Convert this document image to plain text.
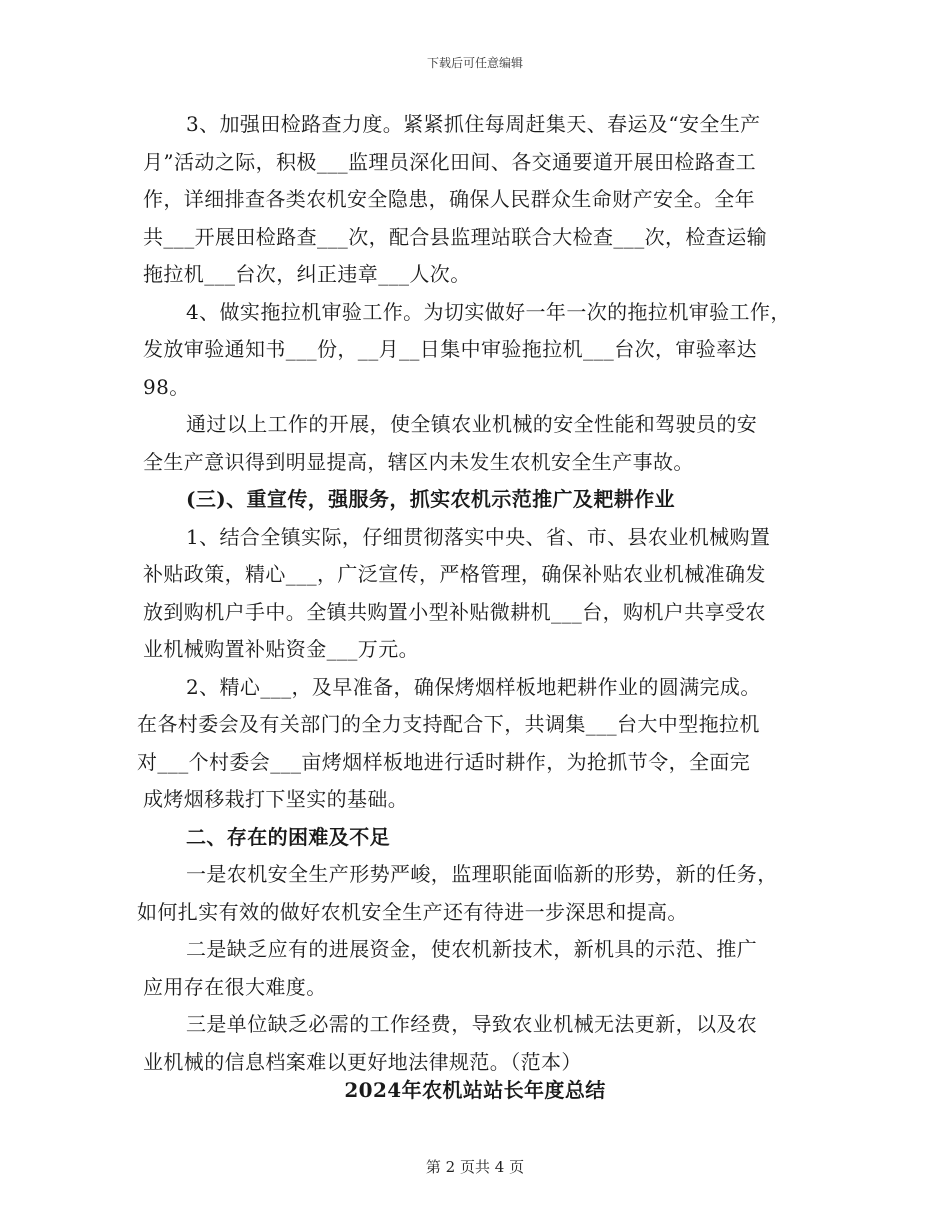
下载后可任意编辑
3、加强田检路查力度。紧紧抓住每周赶集天、春运及“安全生产
月”活动之际，积极___监理员深化田间、各交通要道开展田检路查工
作，详细排查各类农机安全隐患，确保人民群众生命财产安全。全年
共___开展田检路查___次，配合县监理站联合大检查___次，检查运输
拖拉机___台次，纠正违章___人次。
4、做实拖拉机审验工作。为切实做好一年一次的拖拉机审验工作，
发放审验通知书___份，__月__日集中审验拖拉机___台次，审验率达
98。
通过以上工作的开展，使全镇农业机械的安全性能和驾驶员的安
全生产意识得到明显提高，辖区内未发生农机安全生产事故。
(三)、重宣传，强服务，抓实农机示范推广及耙耕作业
1、结合全镇实际，仔细贯彻落实中央、省、市、县农业机械购置
补贴政策，精心___，广泛宣传，严格管理，确保补贴农业机械准确发
放到购机户手中。全镇共购置小型补贴微耕机___台，购机户共享受农
业机械购置补贴资金___万元。
2、精心___，及早准备，确保烤烟样板地耙耕作业的圆满完成。
在各村委会及有关部门的全力支持配合下，共调集___台大中型拖拉机
对___个村委会___亩烤烟样板地进行适时耕作，为抢抓节令，全面完
成烤烟移栽打下坚实的基础。
二、存在的困难及不足
一是农机安全生产形势严峻，监理职能面临新的形势，新的任务，
如何扎实有效的做好农机安全生产还有待进一步深思和提高。
二是缺乏应有的进展资金，使农机新技术，新机具的示范、推广
应用存在很大难度。
三是单位缺乏必需的工作经费，导致农业机械无法更新，以及农
业机械的信息档案难以更好地法律规范。（范本）
2024年农机站站长年度总结
第 2 页共 4 页
